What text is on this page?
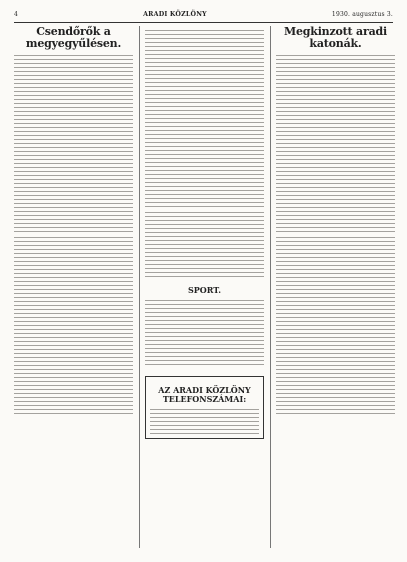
4	ARADI KÖZLÖNY	1930. augusztus 3.
Csendőrők a megyegyűlésen.
SPORT.
AZ ARADI KÖZLÖNY TELEFONSZÁMAI:
Megkinzott aradi katonák.
